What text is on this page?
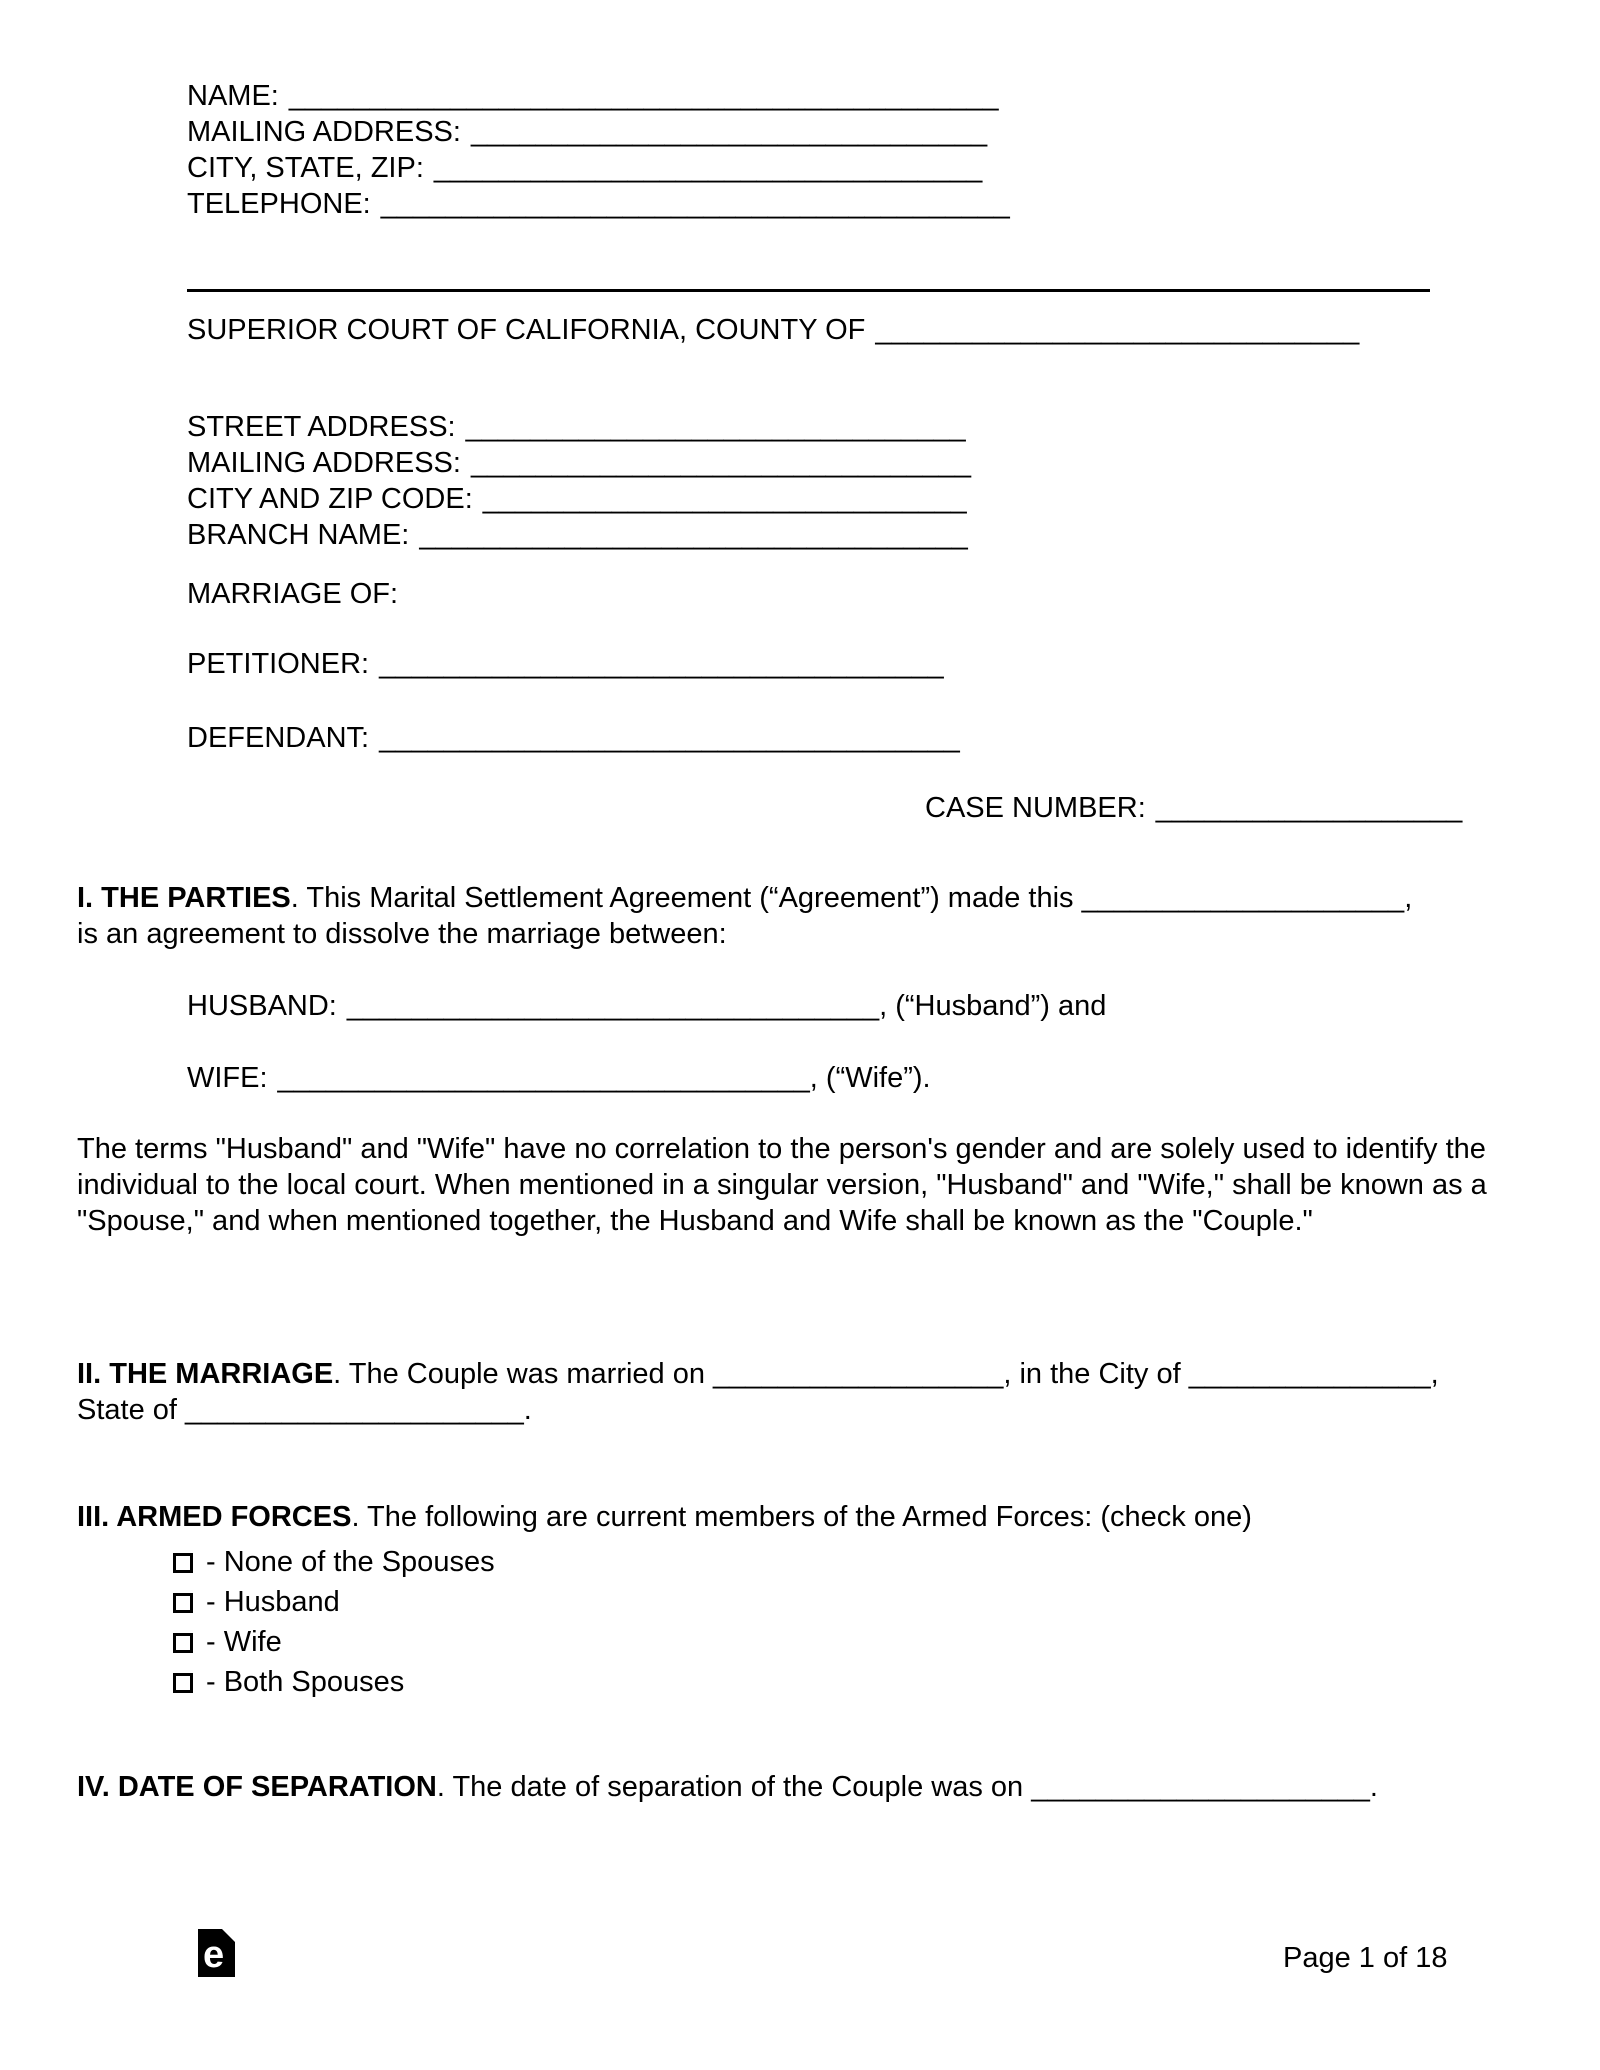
NAME: ____________________________________________
MAILING ADDRESS: ________________________________
CITY, STATE, ZIP: __________________________________
TELEPHONE: _______________________________________
SUPERIOR COURT OF CALIFORNIA, COUNTY OF ______________________________
STREET ADDRESS: _______________________________
MAILING ADDRESS: _______________________________
CITY AND ZIP CODE: ______________________________
BRANCH NAME: __________________________________
MARRIAGE OF:
PETITIONER: ___________________________________
DEFENDANT: ____________________________________
CASE NUMBER: ___________________
I. THE PARTIES. This Marital Settlement Agreement (“Agreement”) made this ____________________,
is an agreement to dissolve the marriage between:
HUSBAND: _________________________________, (“Husband”) and
WIFE: _________________________________, (“Wife”).
The terms "Husband" and "Wife" have no correlation to the person's gender and are solely used to identify the individual to the local court. When mentioned in a singular version, "Husband" and "Wife," shall be known as a "Spouse," and when mentioned together, the Husband and Wife shall be known as the "Couple."
II. THE MARRIAGE. The Couple was married on __________________, in the City of _______________,
State of _____________________.
III. ARMED FORCES. The following are current members of the Armed Forces: (check one)
- None of the Spouses
- Husband
- Wife
- Both Spouses
IV. DATE OF SEPARATION. The date of separation of the Couple was on _____________________.
e	Page 1 of 18
